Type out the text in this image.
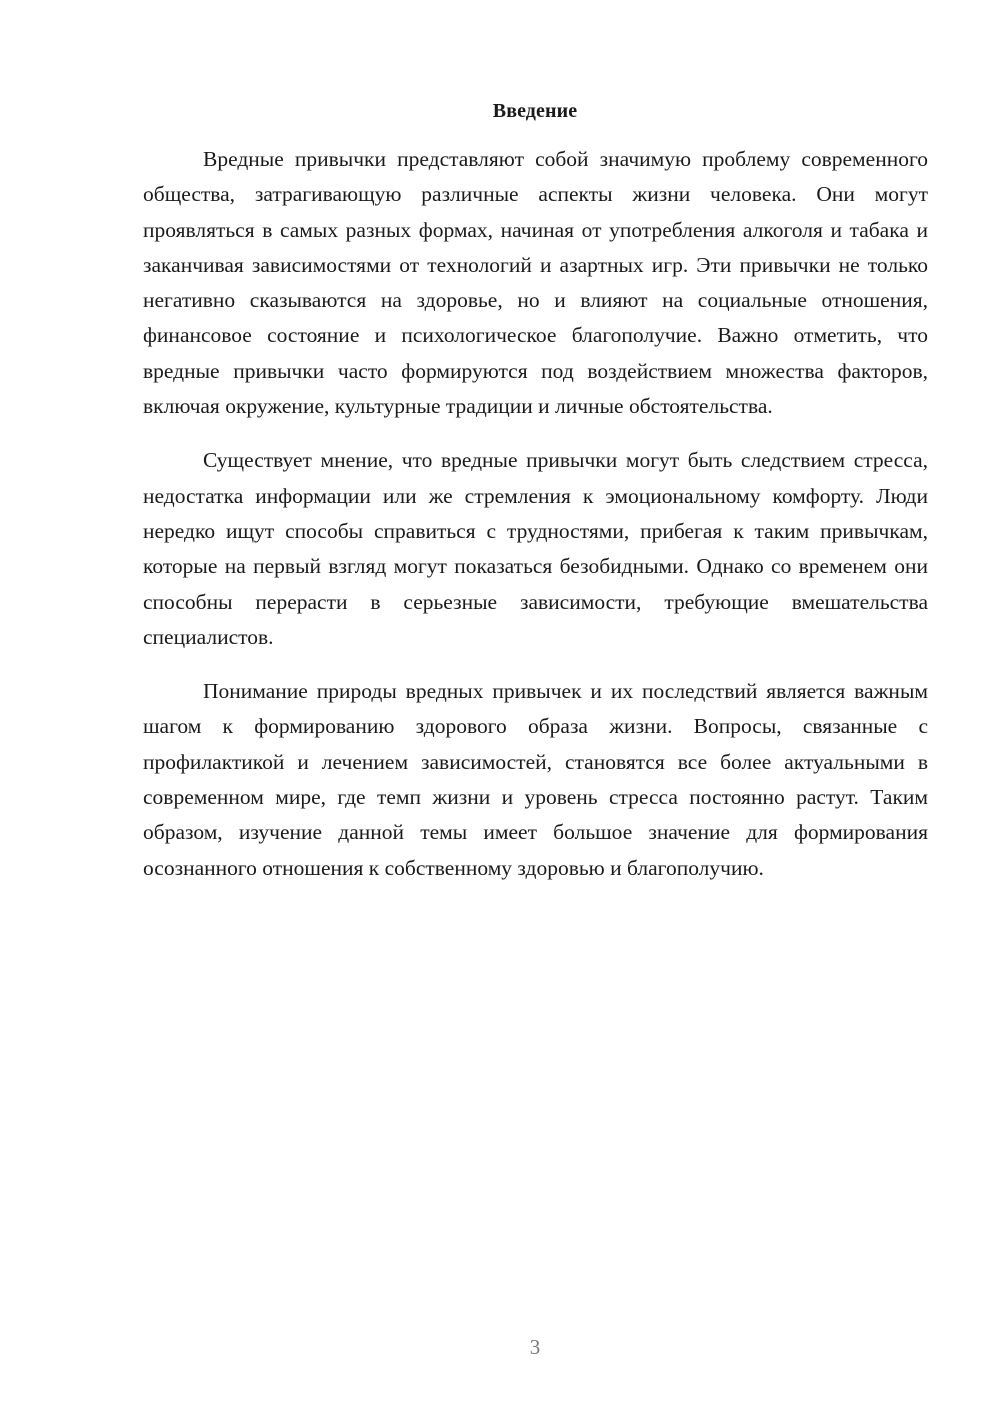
Введение

Вредные привычки представляют собой значимую проблему современного общества, затрагивающую различные аспекты жизни человека. Они могут проявляться в самых разных формах, начиная от употребления алкоголя и табака и заканчивая зависимостями от технологий и азартных игр. Эти привычки не только негативно сказываются на здоровье, но и влияют на социальные отношения, финансовое состояние и психологическое благополучие. Важно отметить, что вредные привычки часто формируются под воздействием множества факторов, включая окружение, культурные традиции и личные обстоятельства.

Существует мнение, что вредные привычки могут быть следствием стресса, недостатка информации или же стремления к эмоциональному комфорту. Люди нередко ищут способы справиться с трудностями, прибегая к таким привычкам, которые на первый взгляд могут показаться безобидными. Однако со временем они способны перерасти в серьезные зависимости, требующие вмешательства специалистов.

Понимание природы вредных привычек и их последствий является важным шагом к формированию здорового образа жизни. Вопросы, связанные с профилактикой и лечением зависимостей, становятся все более актуальными в современном мире, где темп жизни и уровень стресса постоянно растут. Таким образом, изучение данной темы имеет большое значение для формирования осознанного отношения к собственному здоровью и благополучию.

3
